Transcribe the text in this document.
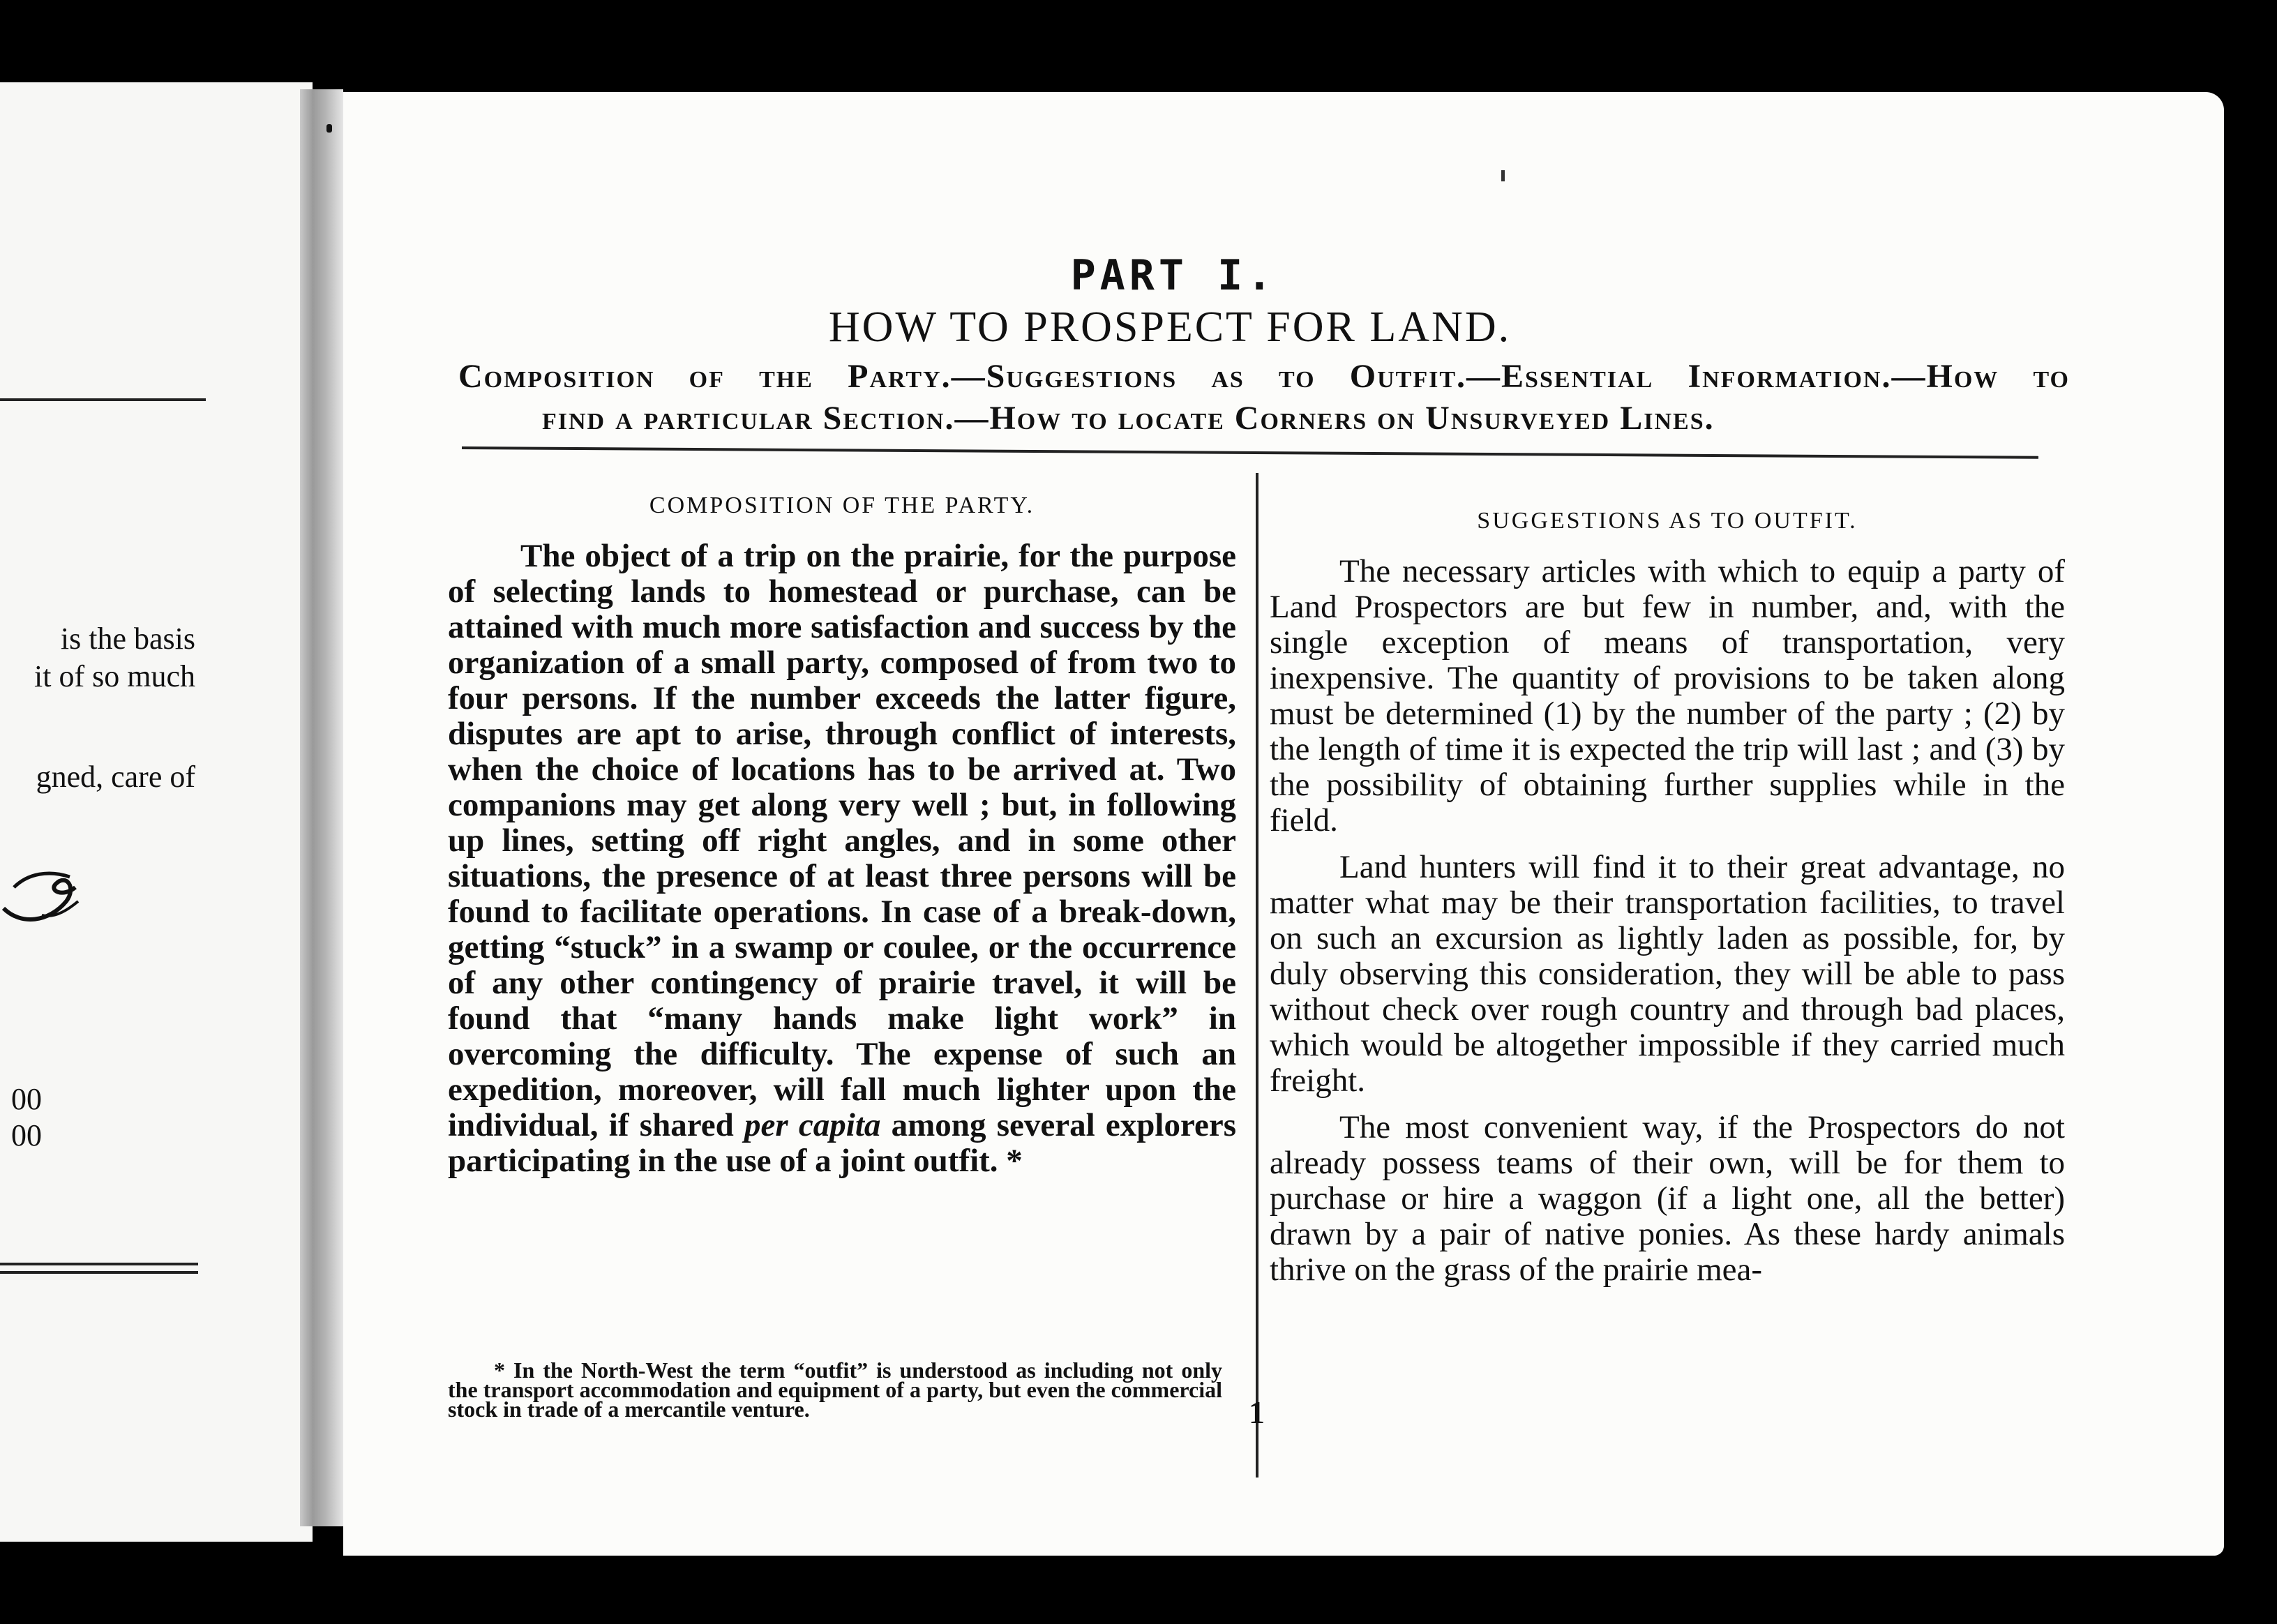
is the basis
it of so much
gned, care of
00
00
PART I.
HOW TO PROSPECT FOR LAND.
Composition of the Party.—Suggestions as to Outfit.—Essential Information.—How to
find a particular Section.—How to locate Corners on Unsurveyed Lines.
COMPOSITION OF THE PARTY.

The object of a trip on the prairie, for the purpose of selecting lands to homestead or purchase, can be attained with much more satisfaction and success by the organization of a small party, composed of from two to four persons. If the number exceeds the latter figure, disputes are apt to arise, through conflict of interests, when the choice of locations has to be arrived at. Two companions may get along very well ; but, in following up lines, setting off right angles, and in some other situations, the presence of at least three persons will be found to facilitate operations. In case of a break-down, getting “stuck” in a swamp or coulee, or the occurrence of any other contingency of prairie travel, it will be found that “many hands make light work” in overcoming the difficulty. The expense of such an expedition, moreover, will fall much lighter upon the individual, if shared per capita among several explorers participating in the use of a joint outfit. *

* In the North-West the term “outfit” is understood as including not only the transport accommodation and equipment of a party, but even the commercial stock in trade of a mercantile venture.
SUGGESTIONS AS TO OUTFIT.

The necessary articles with which to equip a party of Land Prospectors are but few in number, and, with the single exception of means of transportation, very inexpensive. The quantity of provisions to be taken along must be determined (1) by the number of the party ; (2) by the length of time it is expected the trip will last ; and (3) by the possibility of obtaining further supplies while in the field.

Land hunters will find it to their great advantage, no matter what may be their transportation facilities, to travel on such an excursion as lightly laden as possible, for, by duly observing this consideration, they will be able to pass without check over rough country and through bad places, which would be altogether impossible if they carried much freight.

The most convenient way, if the Prospectors do not already possess teams of their own, will be for them to purchase or hire a waggon (if a light one, all the better) drawn by a pair of native ponies. As these hardy animals thrive on the grass of the prairie mea-

1
